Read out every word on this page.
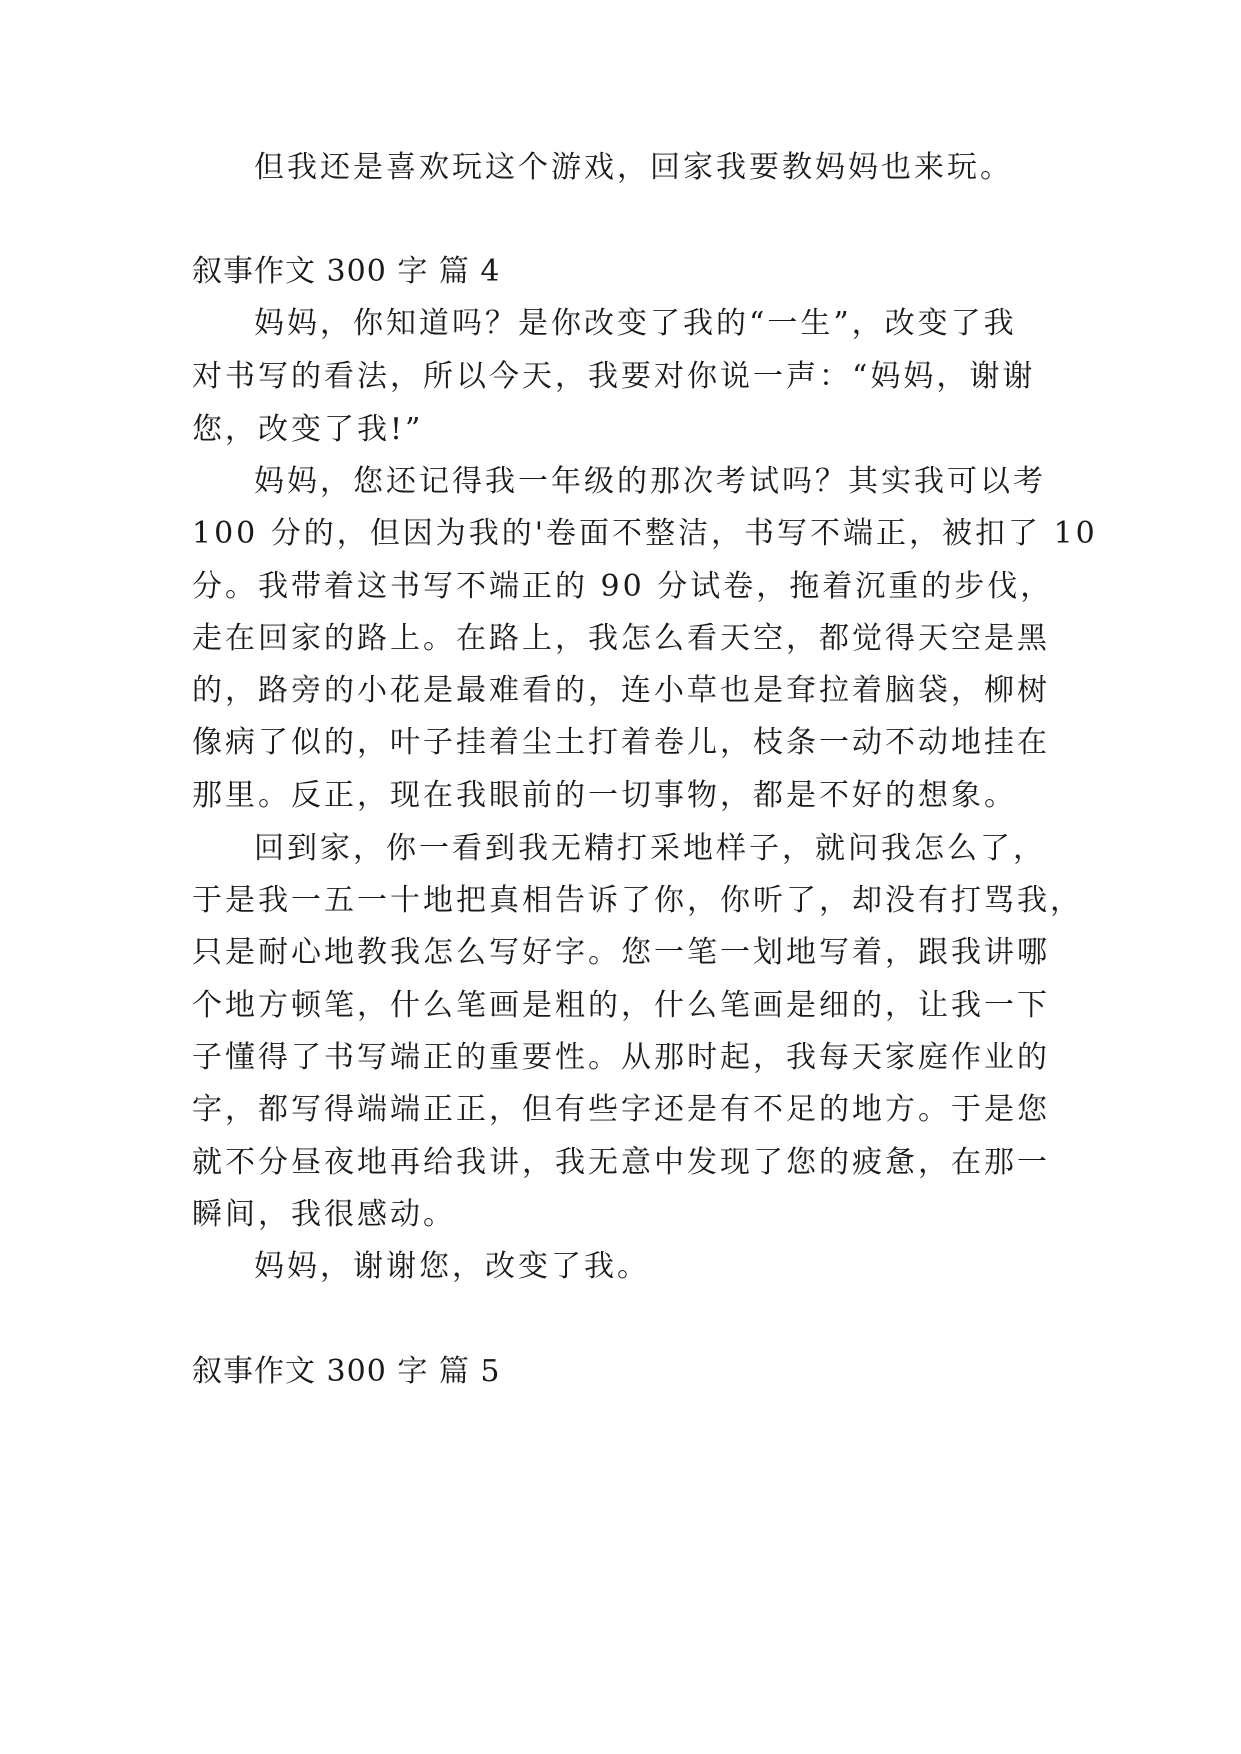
但我还是喜欢玩这个游戏，回家我要教妈妈也来玩。
叙事作文 300 字 篇 4
妈妈，你知道吗？是你改变了我的“一生”，改变了我
对书写的看法，所以今天，我要对你说一声：“妈妈，谢谢
您，改变了我!”
妈妈，您还记得我一年级的那次考试吗？其实我可以考
100 分的，但因为我的'卷面不整洁，书写不端正，被扣了 10
分。我带着这书写不端正的 90 分试卷，拖着沉重的步伐，
走在回家的路上。在路上，我怎么看天空，都觉得天空是黑
的，路旁的小花是最难看的，连小草也是耷拉着脑袋，柳树
像病了似的，叶子挂着尘土打着卷儿，枝条一动不动地挂在
那里。反正，现在我眼前的一切事物，都是不好的想象。
回到家，你一看到我无精打采地样子，就问我怎么了，
于是我一五一十地把真相告诉了你，你听了，却没有打骂我，
只是耐心地教我怎么写好字。您一笔一划地写着，跟我讲哪
个地方顿笔，什么笔画是粗的，什么笔画是细的，让我一下
子懂得了书写端正的重要性。从那时起，我每天家庭作业的
字，都写得端端正正，但有些字还是有不足的地方。于是您
就不分昼夜地再给我讲，我无意中发现了您的疲惫，在那一
瞬间，我很感动。
妈妈，谢谢您，改变了我。
叙事作文 300 字 篇 5
